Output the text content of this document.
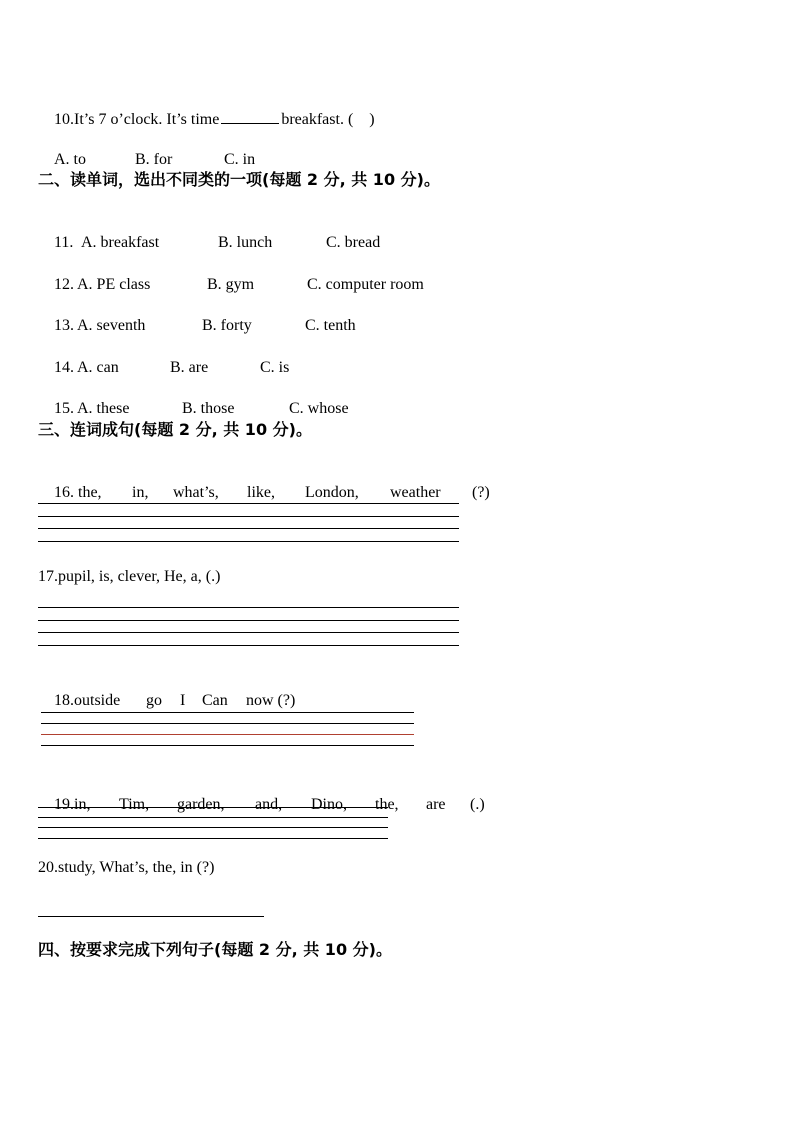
10.It’s 7 o’clock. It’s time	breakfast. (    )

A. to	B. for	C. in

二、读单词，选出不同类的一项(每题 2 分, 共 10 分)。

11. A. breakfast	B. lunch	C. bread

12. A. PE class	B. gym	C. computer room

13. A. seventh	B. forty	C. tenth

14. A. can	B. are	C. is

15. A. these	B. those	C. whose

三、连词成句(每题 2 分, 共 10 分)。

16. the, in, what’s, like, London, weather (?)

17.pupil, is, clever, He, a, (.)

18.outside go I Can now (?)

19.in, Tim, garden, and, Dino, the, are (.)

20.study, What’s, the, in (?)
四、按要求完成下列句子(每题 2 分, 共 10 分)。
